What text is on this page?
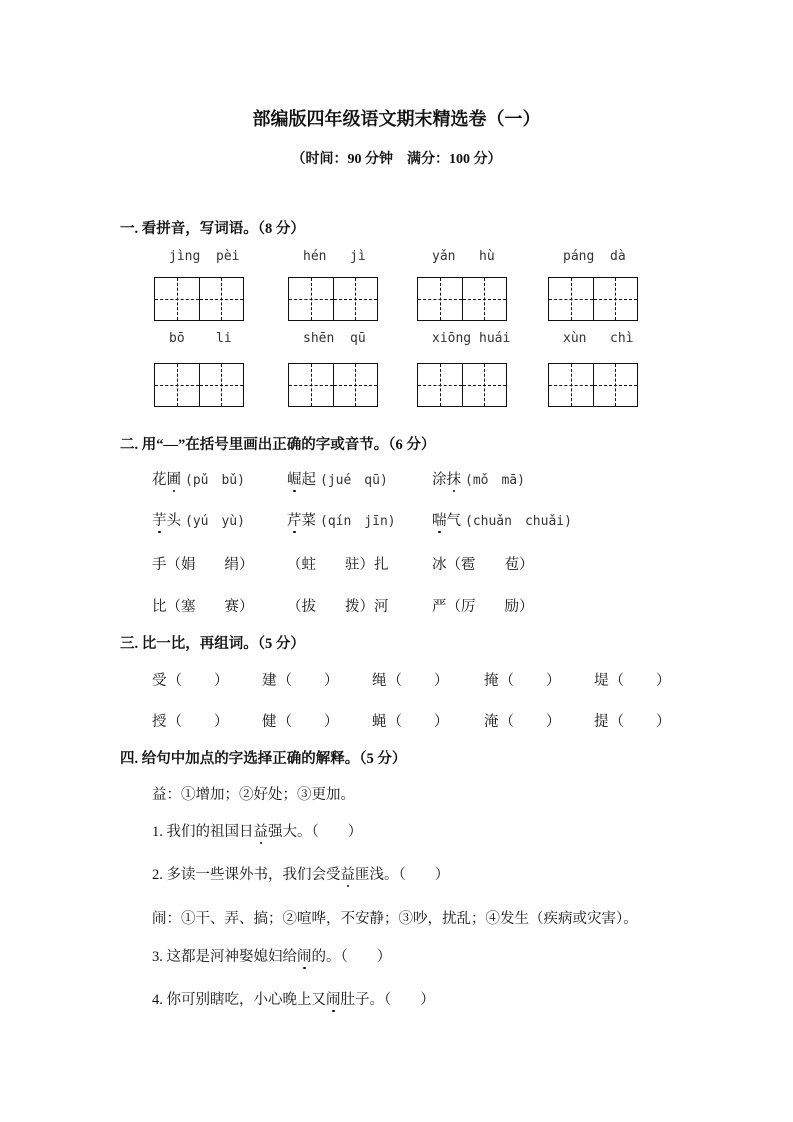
部编版四年级语文期末精选卷（一）
（时间：90 分钟　满分：100 分）
一. 看拼音，写词语。（8 分）
jìng pèi	hén jì	yǎn hù	páng dà
bō li	shēn qū	xiōng huái	xùn chì
二. 用“—”在括号里画出正确的字或音节。（6 分）
花圃 (pǔ　bǔ)	崛起 (jué　qū)	涂抹 (mǒ　mā)
芋头 (yú　yù)	芹菜 (qín　jīn)	喘气 (chuǎn　chuǎi)
手（娟　　绢） （蛀　　驻）扎	冰（雹　　苞）
比（塞　　赛） （拔　　拨）河	严（厉　　励）
三. 比一比，再组词。（5 分）
受（　　） 建（　　） 绳（　　） 掩（　　） 堤（　　）
授（　　） 健（　　） 蝇（　　） 淹（　　） 提（　　）
四. 给句中加点的字选择正确的解释。（5 分）
益：①增加；②好处；③更加。
1. 我们的祖国日益强大。（　　）
2. 多读一些课外书，我们会受益匪浅。（　　）
闹：①干、弄、搞；②喧哗，不安静；③吵，扰乱；④发生（疾病或灾害）。
3. 这都是河神娶媳妇给闹的。（　　）
4. 你可别瞎吃，小心晚上又闹肚子。（　　）
